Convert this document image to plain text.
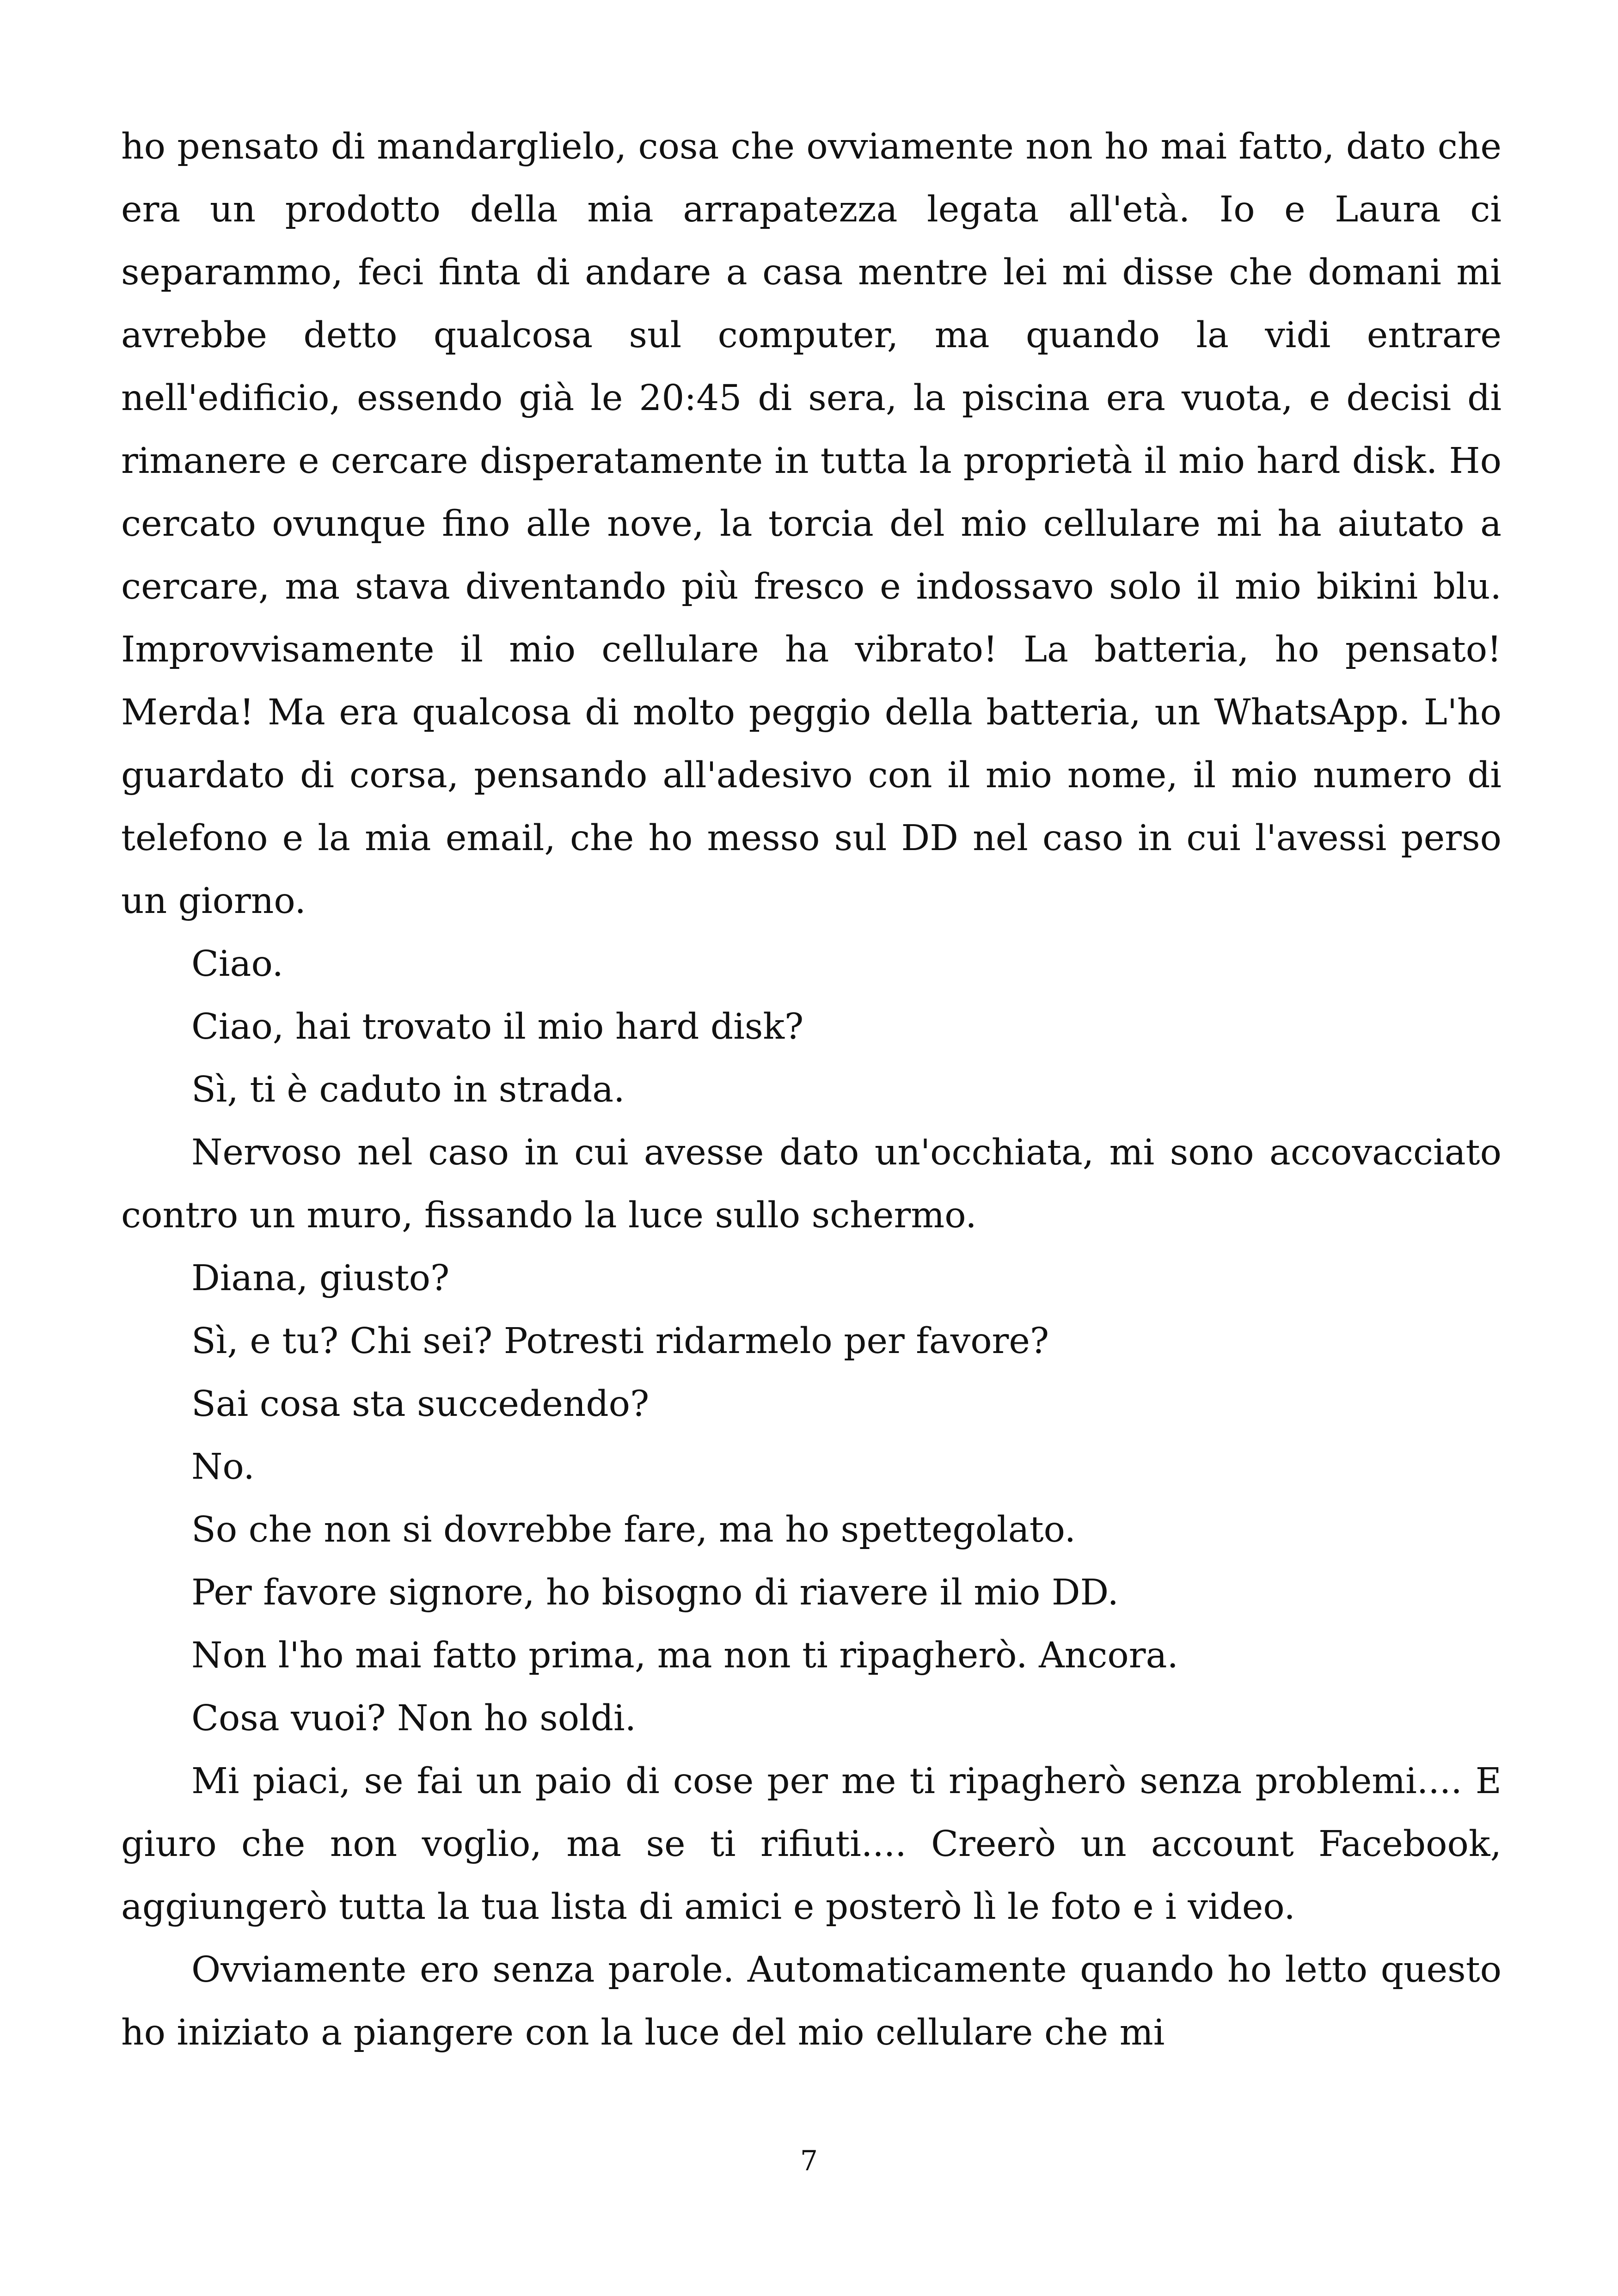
ho pensato di mandarglielo, cosa che ovviamente non ho mai fatto, dato che era un prodotto della mia arrapatezza legata all'età. Io e Laura ci separammo, feci finta di andare a casa mentre lei mi disse che domani mi avrebbe detto qualcosa sul computer, ma quando la vidi entrare nell'edificio, essendo già le 20:45 di sera, la piscina era vuota, e decisi di rimanere e cercare disperatamente in tutta la proprietà il mio hard disk. Ho cercato ovunque fino alle nove, la torcia del mio cellulare mi ha aiutato a cercare, ma stava diventando più fresco e indossavo solo il mio bikini blu. Improvvisamente il mio cellulare ha vibrato! La batteria, ho pensato! Merda! Ma era qualcosa di molto peggio della batteria, un WhatsApp. L'ho guardato di corsa, pensando all'adesivo con il mio nome, il mio numero di telefono e la mia email, che ho messo sul DD nel caso in cui l'avessi perso un giorno.

Ciao.

Ciao, hai trovato il mio hard disk?

Sì, ti è caduto in strada.

Nervoso nel caso in cui avesse dato un'occhiata, mi sono accovacciato contro un muro, fissando la luce sullo schermo.

Diana, giusto?

Sì, e tu? Chi sei? Potresti ridarmelo per favore?

Sai cosa sta succedendo?

No.

So che non si dovrebbe fare, ma ho spettegolato.

Per favore signore, ho bisogno di riavere il mio DD.

Non l'ho mai fatto prima, ma non ti ripagherò. Ancora.

Cosa vuoi? Non ho soldi.

Mi piaci, se fai un paio di cose per me ti ripagherò senza problemi.... E giuro che non voglio, ma se ti rifiuti.... Creerò un account Facebook, aggiungerò tutta la tua lista di amici e posterò lì le foto e i video.

Ovviamente ero senza parole. Automaticamente quando ho letto questo ho iniziato a piangere con la luce del mio cellulare che mi

7
